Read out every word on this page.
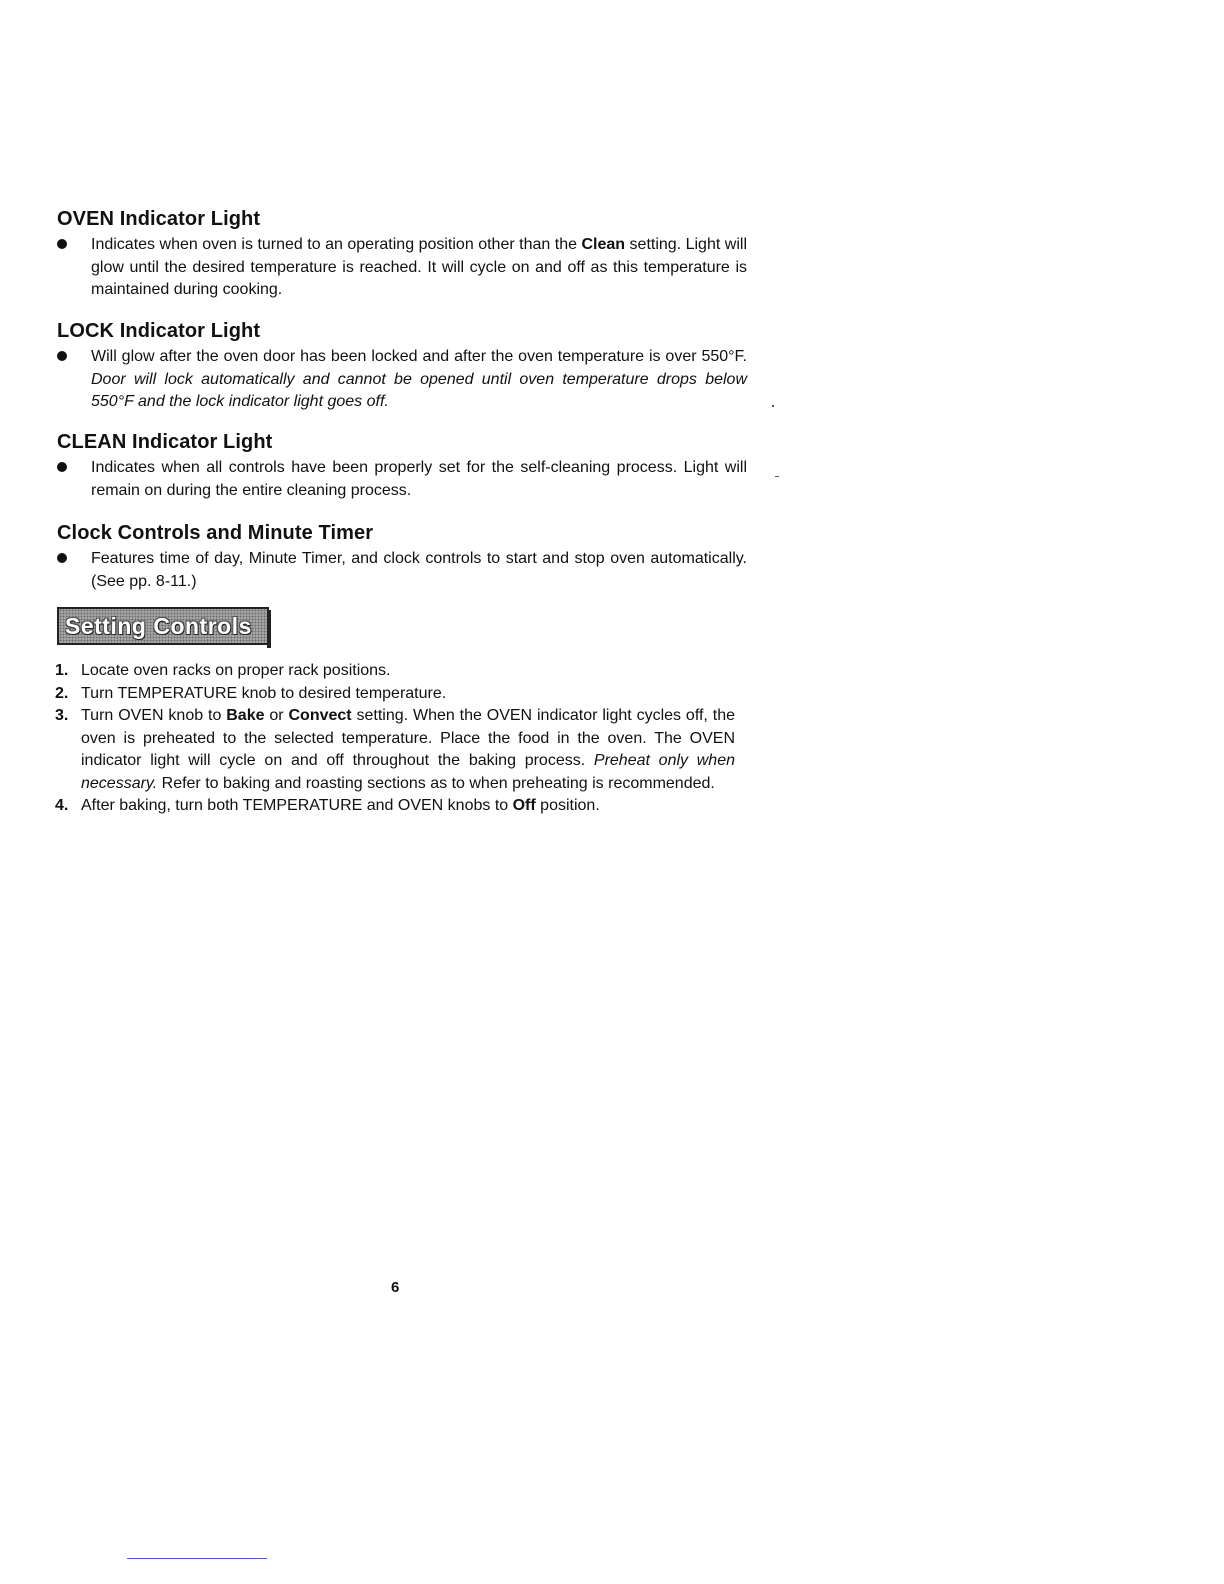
OVEN Indicator Light

Indicates when oven is turned to an operating position other than the Clean setting. Light will glow until the desired temperature is reached. It will cycle on and off as this temperature is maintained during cooking.

LOCK Indicator Light

Will glow after the oven door has been locked and after the oven temperature is over 550°F. Door will lock automatically and cannot be opened until oven temperature drops below 550°F and the lock indicator light goes off.

CLEAN Indicator Light

Indicates when all controls have been properly set for the self-cleaning process. Light will remain on during the entire cleaning process.

Clock Controls and Minute Timer

Features time of day, Minute Timer, and clock controls to start and stop oven automatically. (See pp. 8-11.)

Setting Controls
1. Locate oven racks on proper rack positions.

2. Turn TEMPERATURE knob to desired temperature.

3. Turn OVEN knob to Bake or Convect setting. When the OVEN indicator light cycles off, the oven is preheated to the selected temperature. Place the food in the oven. The OVEN indicator light will cycle on and off throughout the baking process. Preheat only when necessary. Refer to baking and roasting sections as to when preheating is recommended.

4. After baking, turn both TEMPERATURE and OVEN knobs to Off position.

6
